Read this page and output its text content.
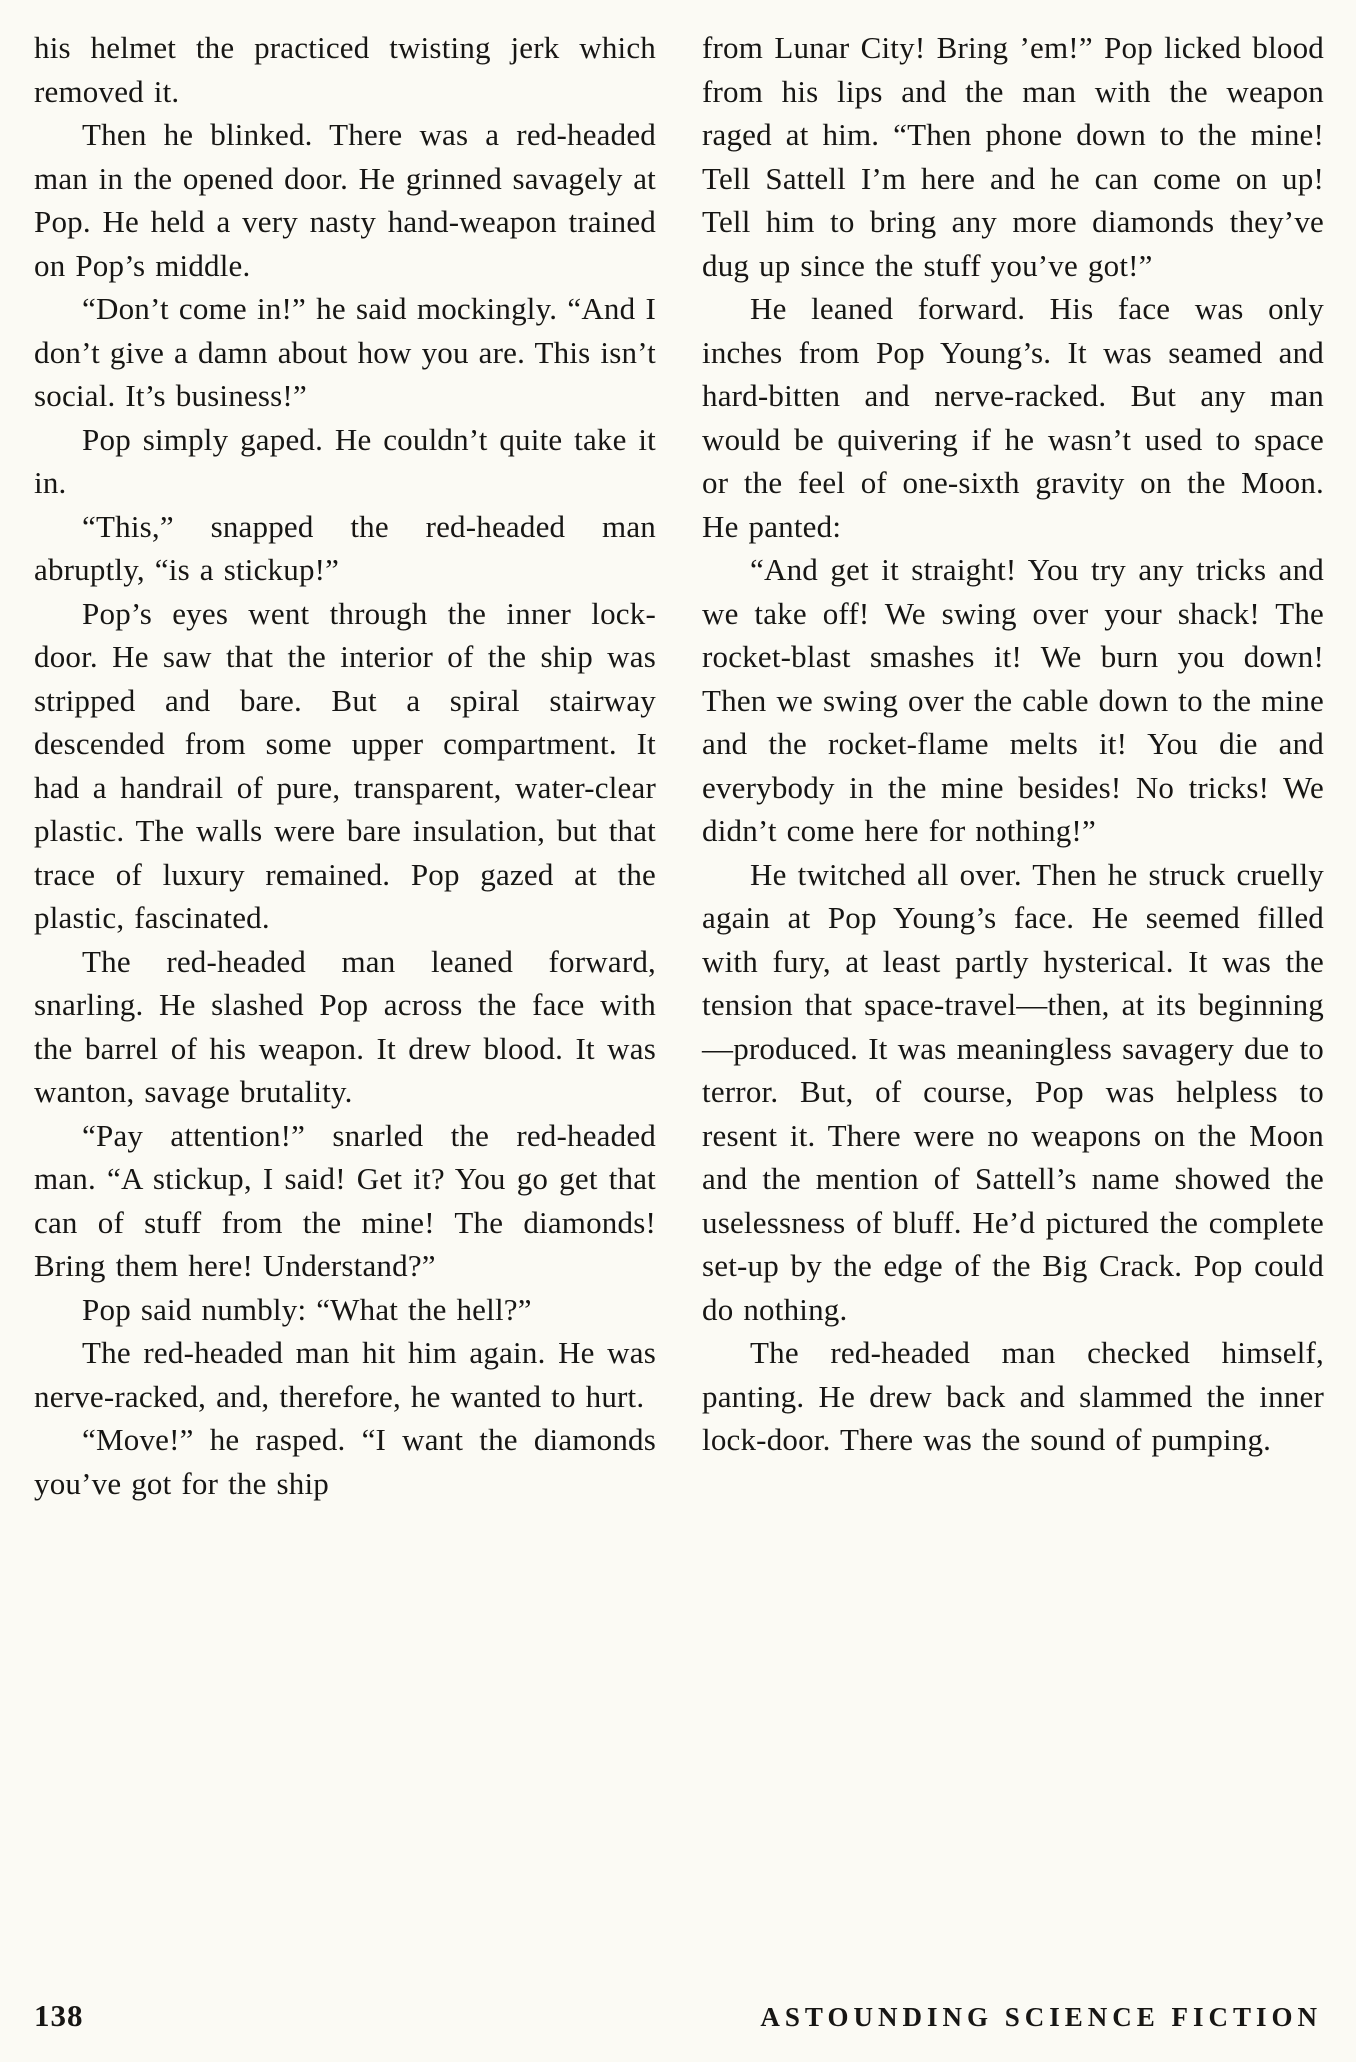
his helmet the practiced twisting jerk which removed it.

Then he blinked. There was a red-headed man in the opened door. He grinned savagely at Pop. He held a very nasty hand-weapon trained on Pop’s middle.

“Don’t come in!” he said mockingly. “And I don’t give a damn about how you are. This isn’t social. It’s business!”

Pop simply gaped. He couldn’t quite take it in.

“This,” snapped the red-headed man abruptly, “is a stickup!”

Pop’s eyes went through the inner lock-door. He saw that the interior of the ship was stripped and bare. But a spiral stairway descended from some upper compartment. It had a handrail of pure, transparent, water-clear plastic. The walls were bare insulation, but that trace of luxury remained. Pop gazed at the plastic, fascinated.

The red-headed man leaned forward, snarling. He slashed Pop across the face with the barrel of his weapon. It drew blood. It was wanton, savage brutality.

“Pay attention!” snarled the red-headed man. “A stickup, I said! Get it? You go get that can of stuff from the mine! The diamonds! Bring them here! Understand?”

Pop said numbly: “What the hell?”

The red-headed man hit him again. He was nerve-racked, and, therefore, he wanted to hurt.

“Move!” he rasped. “I want the diamonds you’ve got for the ship

from Lunar City! Bring ’em!” Pop licked blood from his lips and the man with the weapon raged at him. “Then phone down to the mine! Tell Sattell I’m here and he can come on up! Tell him to bring any more diamonds they’ve dug up since the stuff you’ve got!”

He leaned forward. His face was only inches from Pop Young’s. It was seamed and hard-bitten and nerve-racked. But any man would be quivering if he wasn’t used to space or the feel of one-sixth gravity on the Moon. He panted:

“And get it straight! You try any tricks and we take off! We swing over your shack! The rocket-blast smashes it! We burn you down! Then we swing over the cable down to the mine and the rocket-flame melts it! You die and everybody in the mine besides! No tricks! We didn’t come here for nothing!”

He twitched all over. Then he struck cruelly again at Pop Young’s face. He seemed filled with fury, at least partly hysterical. It was the tension that space-travel—then, at its beginning—produced. It was meaningless savagery due to terror. But, of course, Pop was helpless to resent it. There were no weapons on the Moon and the mention of Sattell’s name showed the uselessness of bluff. He’d pictured the complete set-up by the edge of the Big Crack. Pop could do nothing.

The red-headed man checked himself, panting. He drew back and slammed the inner lock-door. There was the sound of pumping.

138	ASTOUNDING SCIENCE FICTION
